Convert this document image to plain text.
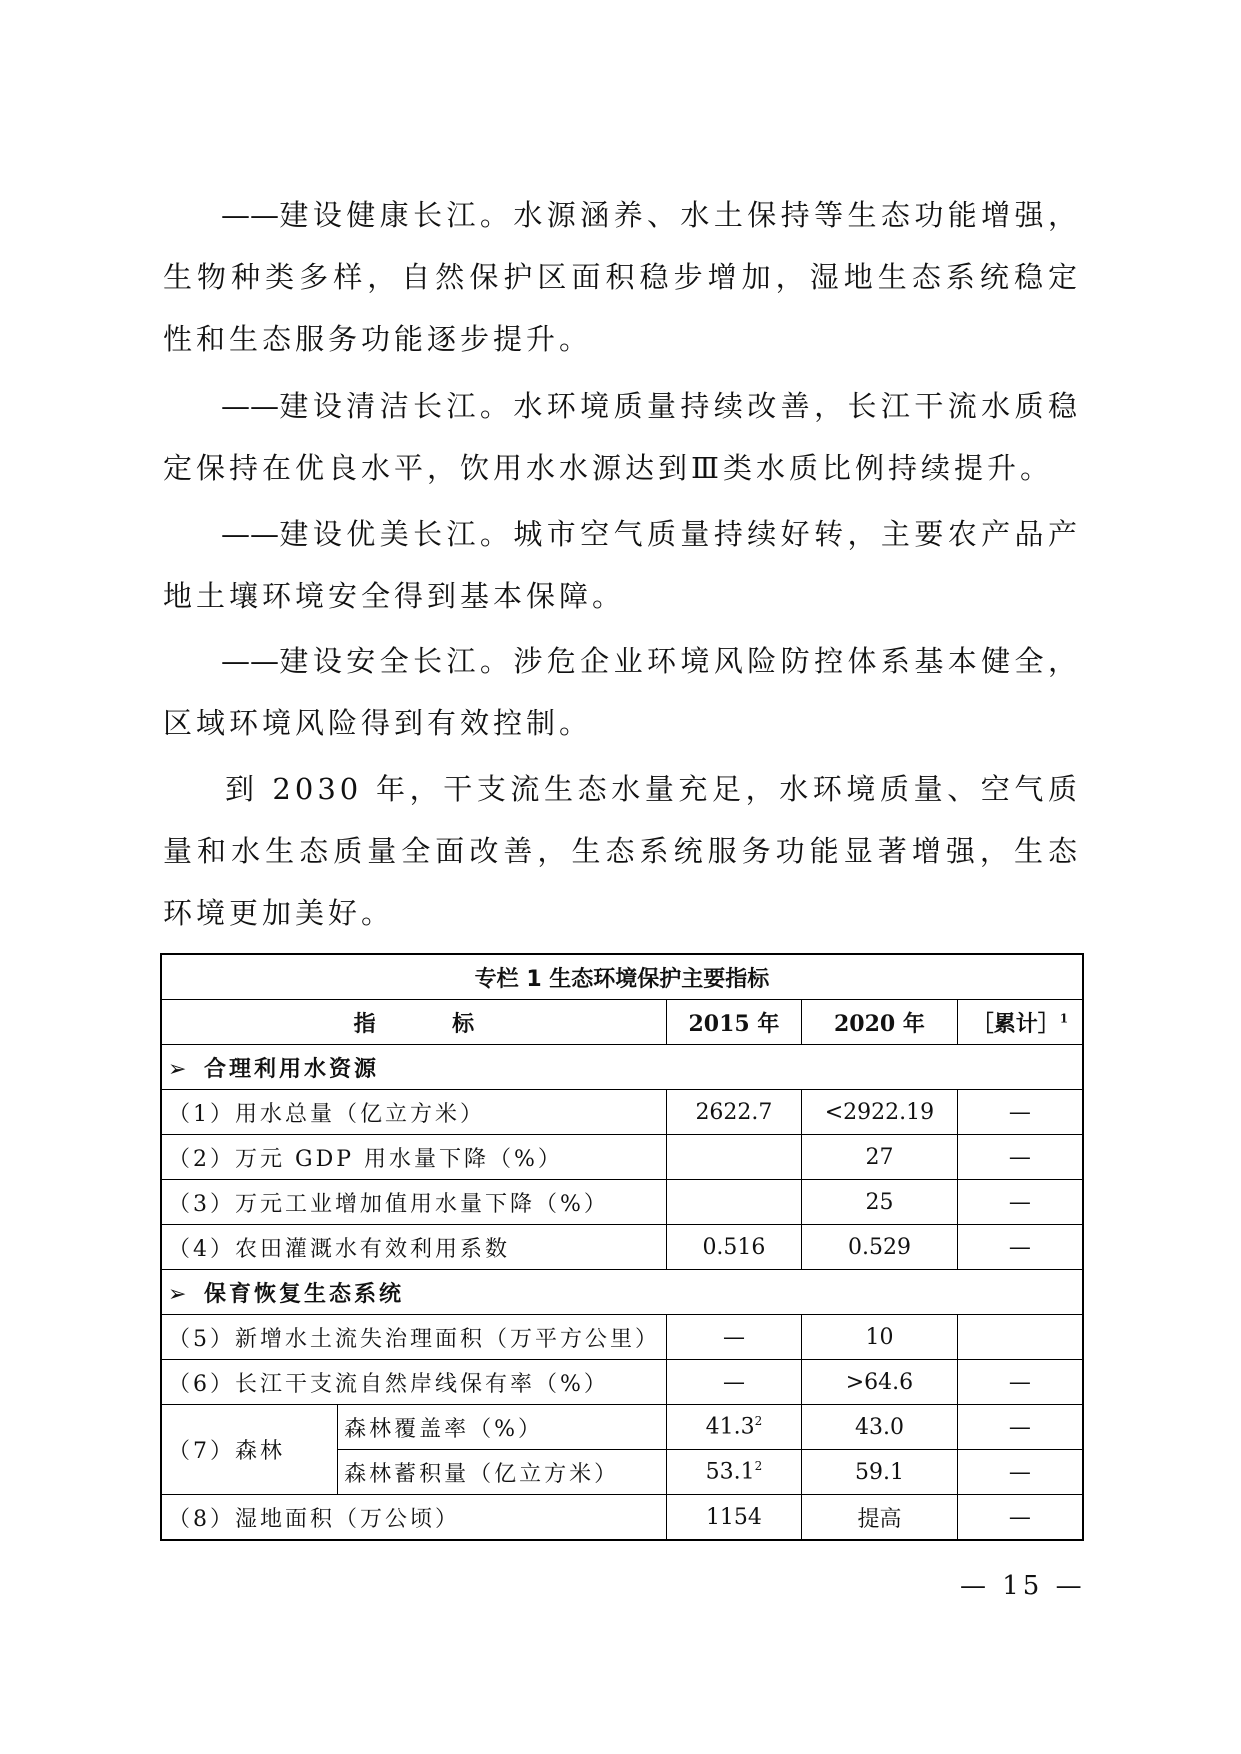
——建设健康长江。水源涵养、水土保持等生态功能增强，生物种类多样，自然保护区面积稳步增加，湿地生态系统稳定性和生态服务功能逐步提升。

——建设清洁长江。水环境质量持续改善，长江干流水质稳定保持在优良水平，饮用水水源达到Ⅲ类水质比例持续提升。

——建设优美长江。城市空气质量持续好转，主要农产品产地土壤环境安全得到基本保障。

——建设安全长江。涉危企业环境风险防控体系基本健全，区域环境风险得到有效控制。

到 2030 年，干支流生态水量充足，水环境质量、空气质量和水生态质量全面改善，生态系统服务功能显著增强，生态环境更加美好。

专栏 1 生态环境保护主要指标				
指          标		2015 年	2020 年	［累计］$^1$
➢ 合理利用水资源				
（1）用水总量（亿立方米）		2622.7	<2922.19	—
（2）万元 GDP 用水量下降（%）			27	—
（3）万元工业增加值用水量下降（%）			25	—
（4）农田灌溉水有效利用系数		0.516	0.529	—
➢ 保育恢复生态系统				
（5）新增水土流失治理面积（万平方公里）		—	10	
（6）长江干支流自然岸线保有率（%）		—	>64.6	—
（7）森林	森林覆盖率（%）	41.3$^2$	43.0	—
	森林蓄积量（亿立方米）	53.1$^2$	59.1	—
（8）湿地面积（万公顷）		1154	提高	—
— 15 —
